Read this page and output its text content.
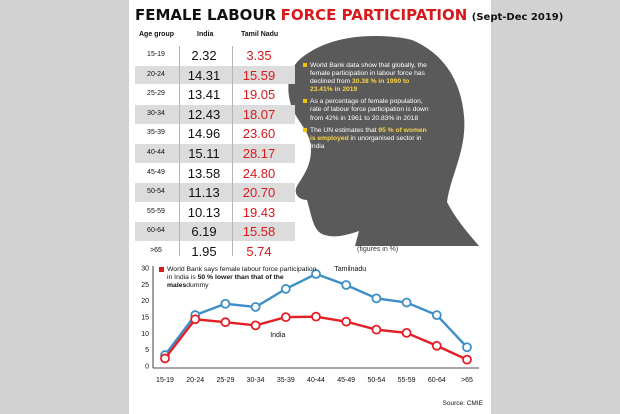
FEMALE LABOUR FORCE PARTICIPATION (Sept-Dec 2019)
Age group	India	Tamil Nadu
15-19	2.32	3.35
20-24	14.31	15.59
25-29	13.41	19.05
30-34	12.43	18.07
35-39	14.96	23.60
40-44	15.11	28.17
45-49	13.58	24.80
50-54	11.13	20.70
55-59	10.13	19.43
60-64	6.19	15.58
>65	1.95	5.74	(figures in %)
World Bank data show that globally, the female participation in labour force has declined from 30.38 % in 1990 to 23.41% in 2019
As a percentage of female population, rate of labour force participation is down from 42% in 1961 to 20.83% in 2018
The UN estimates that 95 % of women is employed in unorganised sector in India
0
5
10
15
20
25
30
15-19 20-24 25-29 30-34 35-39 40-44 45-49 50-54 55-59 60-64 >65
Tamilnadu
India
World Bank says female labour force participation in India is 50 % lower than that of the malesdummy
Source: CMIE
